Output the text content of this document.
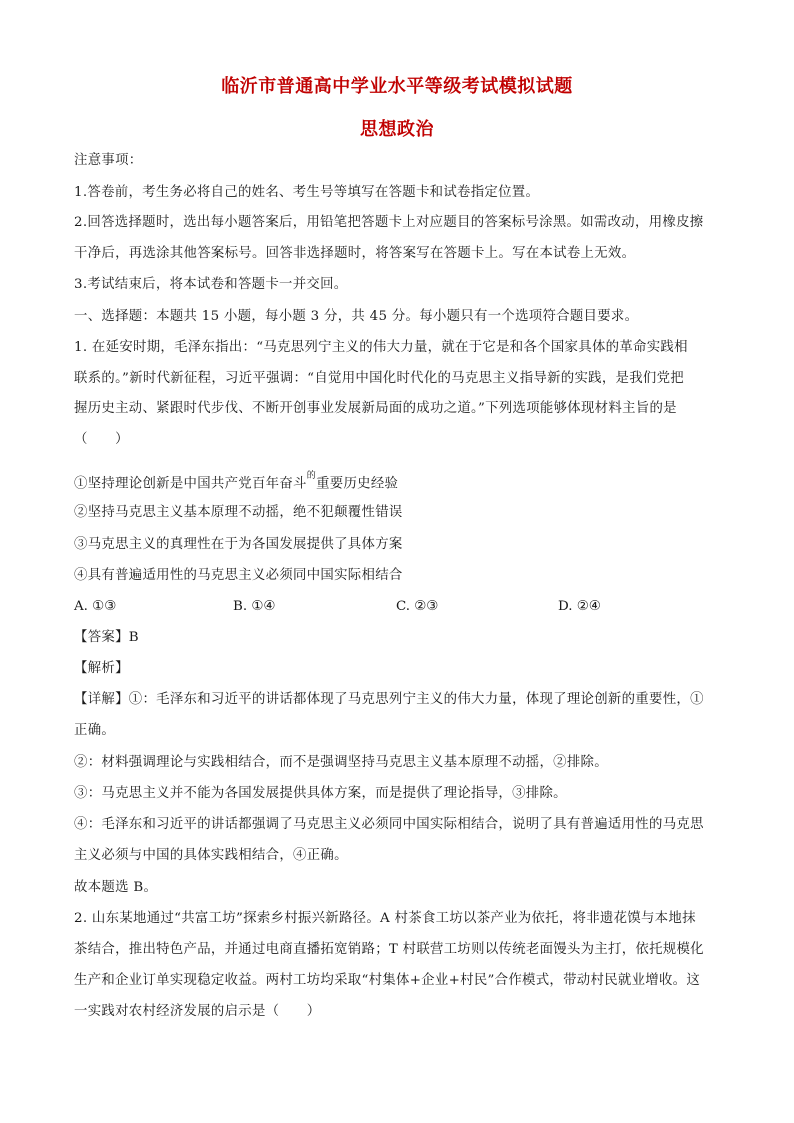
临沂市普通高中学业水平等级考试模拟试题
思想政治
注意事项：
1.答卷前，考生务必将自己的姓名、考生号等填写在答题卡和试卷指定位置。
2.回答选择题时，选出每小题答案后，用铅笔把答题卡上对应题目的答案标号涂黑。如需改动，用橡皮擦
干净后，再选涂其他答案标号。回答非选择题时，将答案写在答题卡上。写在本试卷上无效。
3.考试结束后，将本试卷和答题卡一并交回。
一、选择题：本题共 15 小题，每小题 3 分，共 45 分。每小题只有一个选项符合题目要求。
1. 在延安时期，毛泽东指出：“马克思列宁主义的伟大力量，就在于它是和各个国家具体的革命实践相
联系的。”新时代新征程，习近平强调：“自觉用中国化时代化的马克思主义指导新的实践，是我们党把
握历史主动、紧跟时代步伐、不断开创事业发展新局面的成功之道。”下列选项能够体现材料主旨的是
（　　）
①坚持理论创新是中国共产党百年奋斗$^的$重要历史经验
②坚持马克思主义基本原理不动摇，绝不犯颠覆性错误
③马克思主义的真理性在于为各国发展提供了具体方案
④具有普遍适用性的马克思主义必须同中国实际相结合
A. ①③	B. ①④	C. ②③	D. ②④
【答案】B
【解析】
【详解】①：毛泽东和习近平的讲话都体现了马克思列宁主义的伟大力量，体现了理论创新的重要性，①
正确。
②：材料强调理论与实践相结合，而不是强调坚持马克思主义基本原理不动摇，②排除。
③：马克思主义并不能为各国发展提供具体方案，而是提供了理论指导，③排除。
④：毛泽东和习近平的讲话都强调了马克思主义必须同中国实际相结合，说明了具有普遍适用性的马克思
主义必须与中国的具体实践相结合，④正确。
故本题选 B。
2. 山东某地通过“共富工坊”探索乡村振兴新路径。A 村茶食工坊以茶产业为依托，将非遗花馍与本地抹
茶结合，推出特色产品，并通过电商直播拓宽销路；T 村联营工坊则以传统老面馒头为主打，依托规模化
生产和企业订单实现稳定收益。两村工坊均采取“村集体+企业+村民”合作模式，带动村民就业增收。这
一实践对农村经济发展的启示是（　　）
